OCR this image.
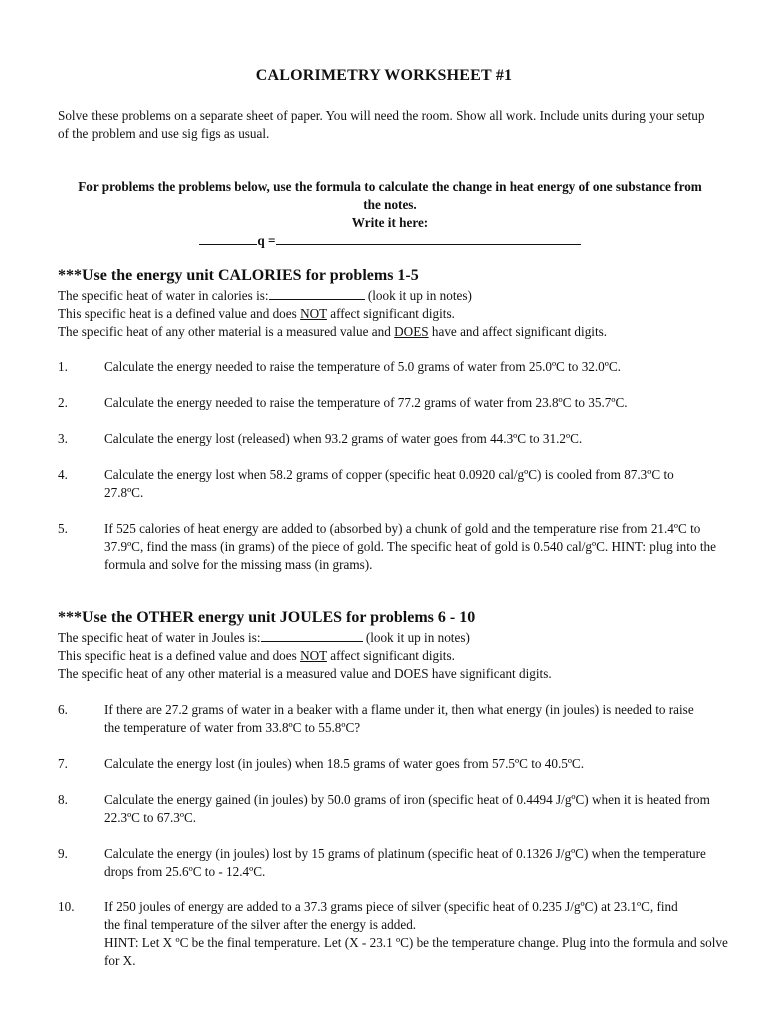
CALORIMETRY WORKSHEET #1
Solve these problems on a separate sheet of paper. You will need the room. Show all work. Include units during your setup of the problem and use sig figs as usual.
For problems the problems below, use the formula to calculate the change in heat energy of one substance from the notes.
Write it here:
q =
***Use the energy unit CALORIES for problems 1-5
The specific heat of water in calories is:	(look it up in notes)
This specific heat is a defined value and does NOT affect significant digits.
The specific heat of any other material is a measured value and DOES have and affect significant digits.
1.	Calculate the energy needed to raise the temperature of 5.0 grams of water from 25.0ºC to 32.0ºC.
2.	Calculate the energy needed to raise the temperature of 77.2 grams of water from 23.8ºC to 35.7ºC.
3.	Calculate the energy lost (released) when 93.2 grams of water goes from 44.3ºC to 31.2ºC.
4.	Calculate the energy lost when 58.2 grams of copper (specific heat 0.0920 cal/gºC) is cooled from 87.3ºC to 27.8ºC.
5.	If 525 calories of heat energy are added to (absorbed by) a chunk of gold and the temperature rise from 21.4ºC to 37.9ºC, find the mass (in grams) of the piece of gold. The specific heat of gold is 0.540 cal/gºC. HINT: plug into the formula and solve for the missing mass (in grams).
***Use the OTHER energy unit JOULES for problems 6 - 10
The specific heat of water in Joules is:	(look it up in notes)
This specific heat is a defined value and does NOT affect significant digits.
The specific heat of any other material is a measured value and DOES have significant digits.
6.	If there are 27.2 grams of water in a beaker with a flame under it, then what energy (in joules) is needed to raise the temperature of water from 33.8ºC to 55.8ºC?
7.	Calculate the energy lost (in joules) when 18.5 grams of water goes from 57.5ºC to 40.5ºC.
8.	Calculate the energy gained (in joules) by 50.0 grams of iron (specific heat of 0.4494 J/gºC) when it is heated from 22.3ºC to 67.3ºC.
9.	Calculate the energy (in joules) lost by 15 grams of platinum (specific heat of 0.1326 J/gºC) when the temperature drops from 25.6ºC to - 12.4ºC.
10.	If 250 joules of energy are added to a 37.3 grams piece of silver (specific heat of 0.235 J/gºC) at 23.1ºC, find the final temperature of the silver after the energy is added.
HINT: Let X ºC be the final temperature. Let (X - 23.1 ºC) be the temperature change. Plug into the formula and solve for X.
